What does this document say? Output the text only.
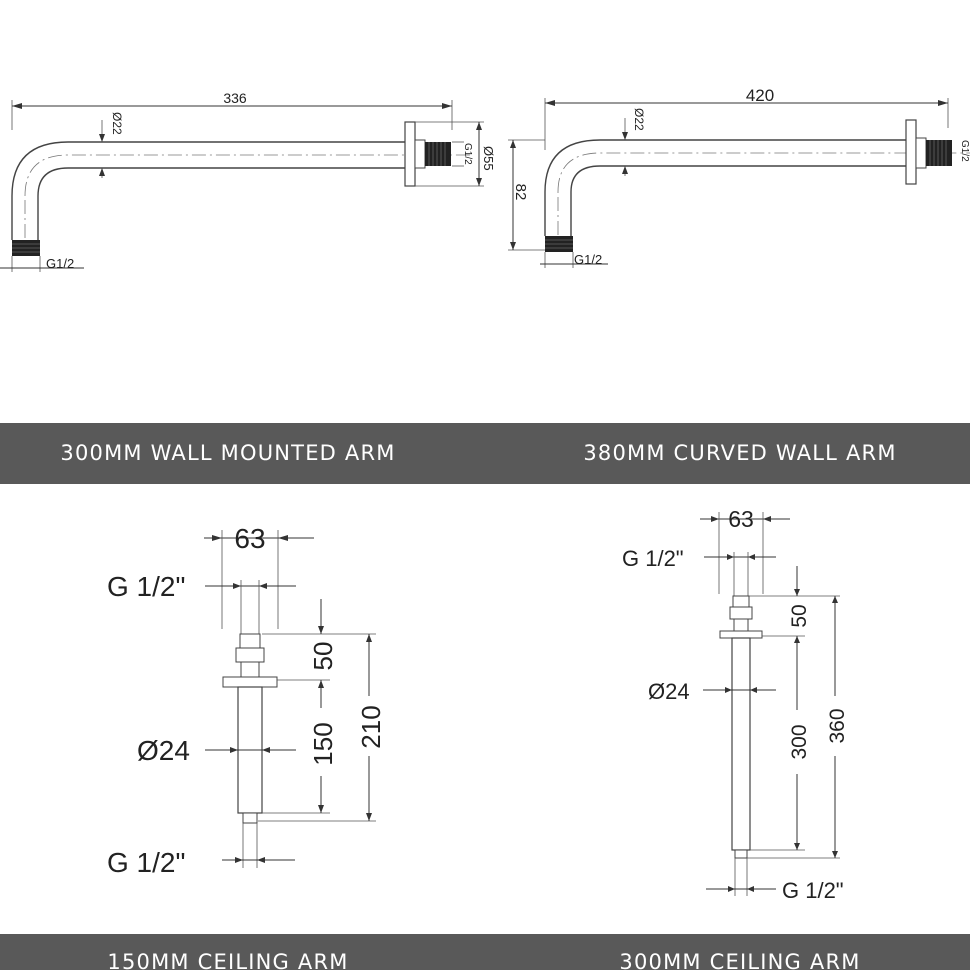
336
Ø22
G1/2 Ø55
G1/2
420
Ø22
82
G1/2
G1/2
300MM WALL MOUNTED ARM	380MM CURVED WALL ARM
63
G 1/2"
50
150 210
Ø24
G 1/2"
63
G 1/2"
50
300 360
Ø24
G 1/2"
150MM CEILING ARM	300MM CEILING ARM
